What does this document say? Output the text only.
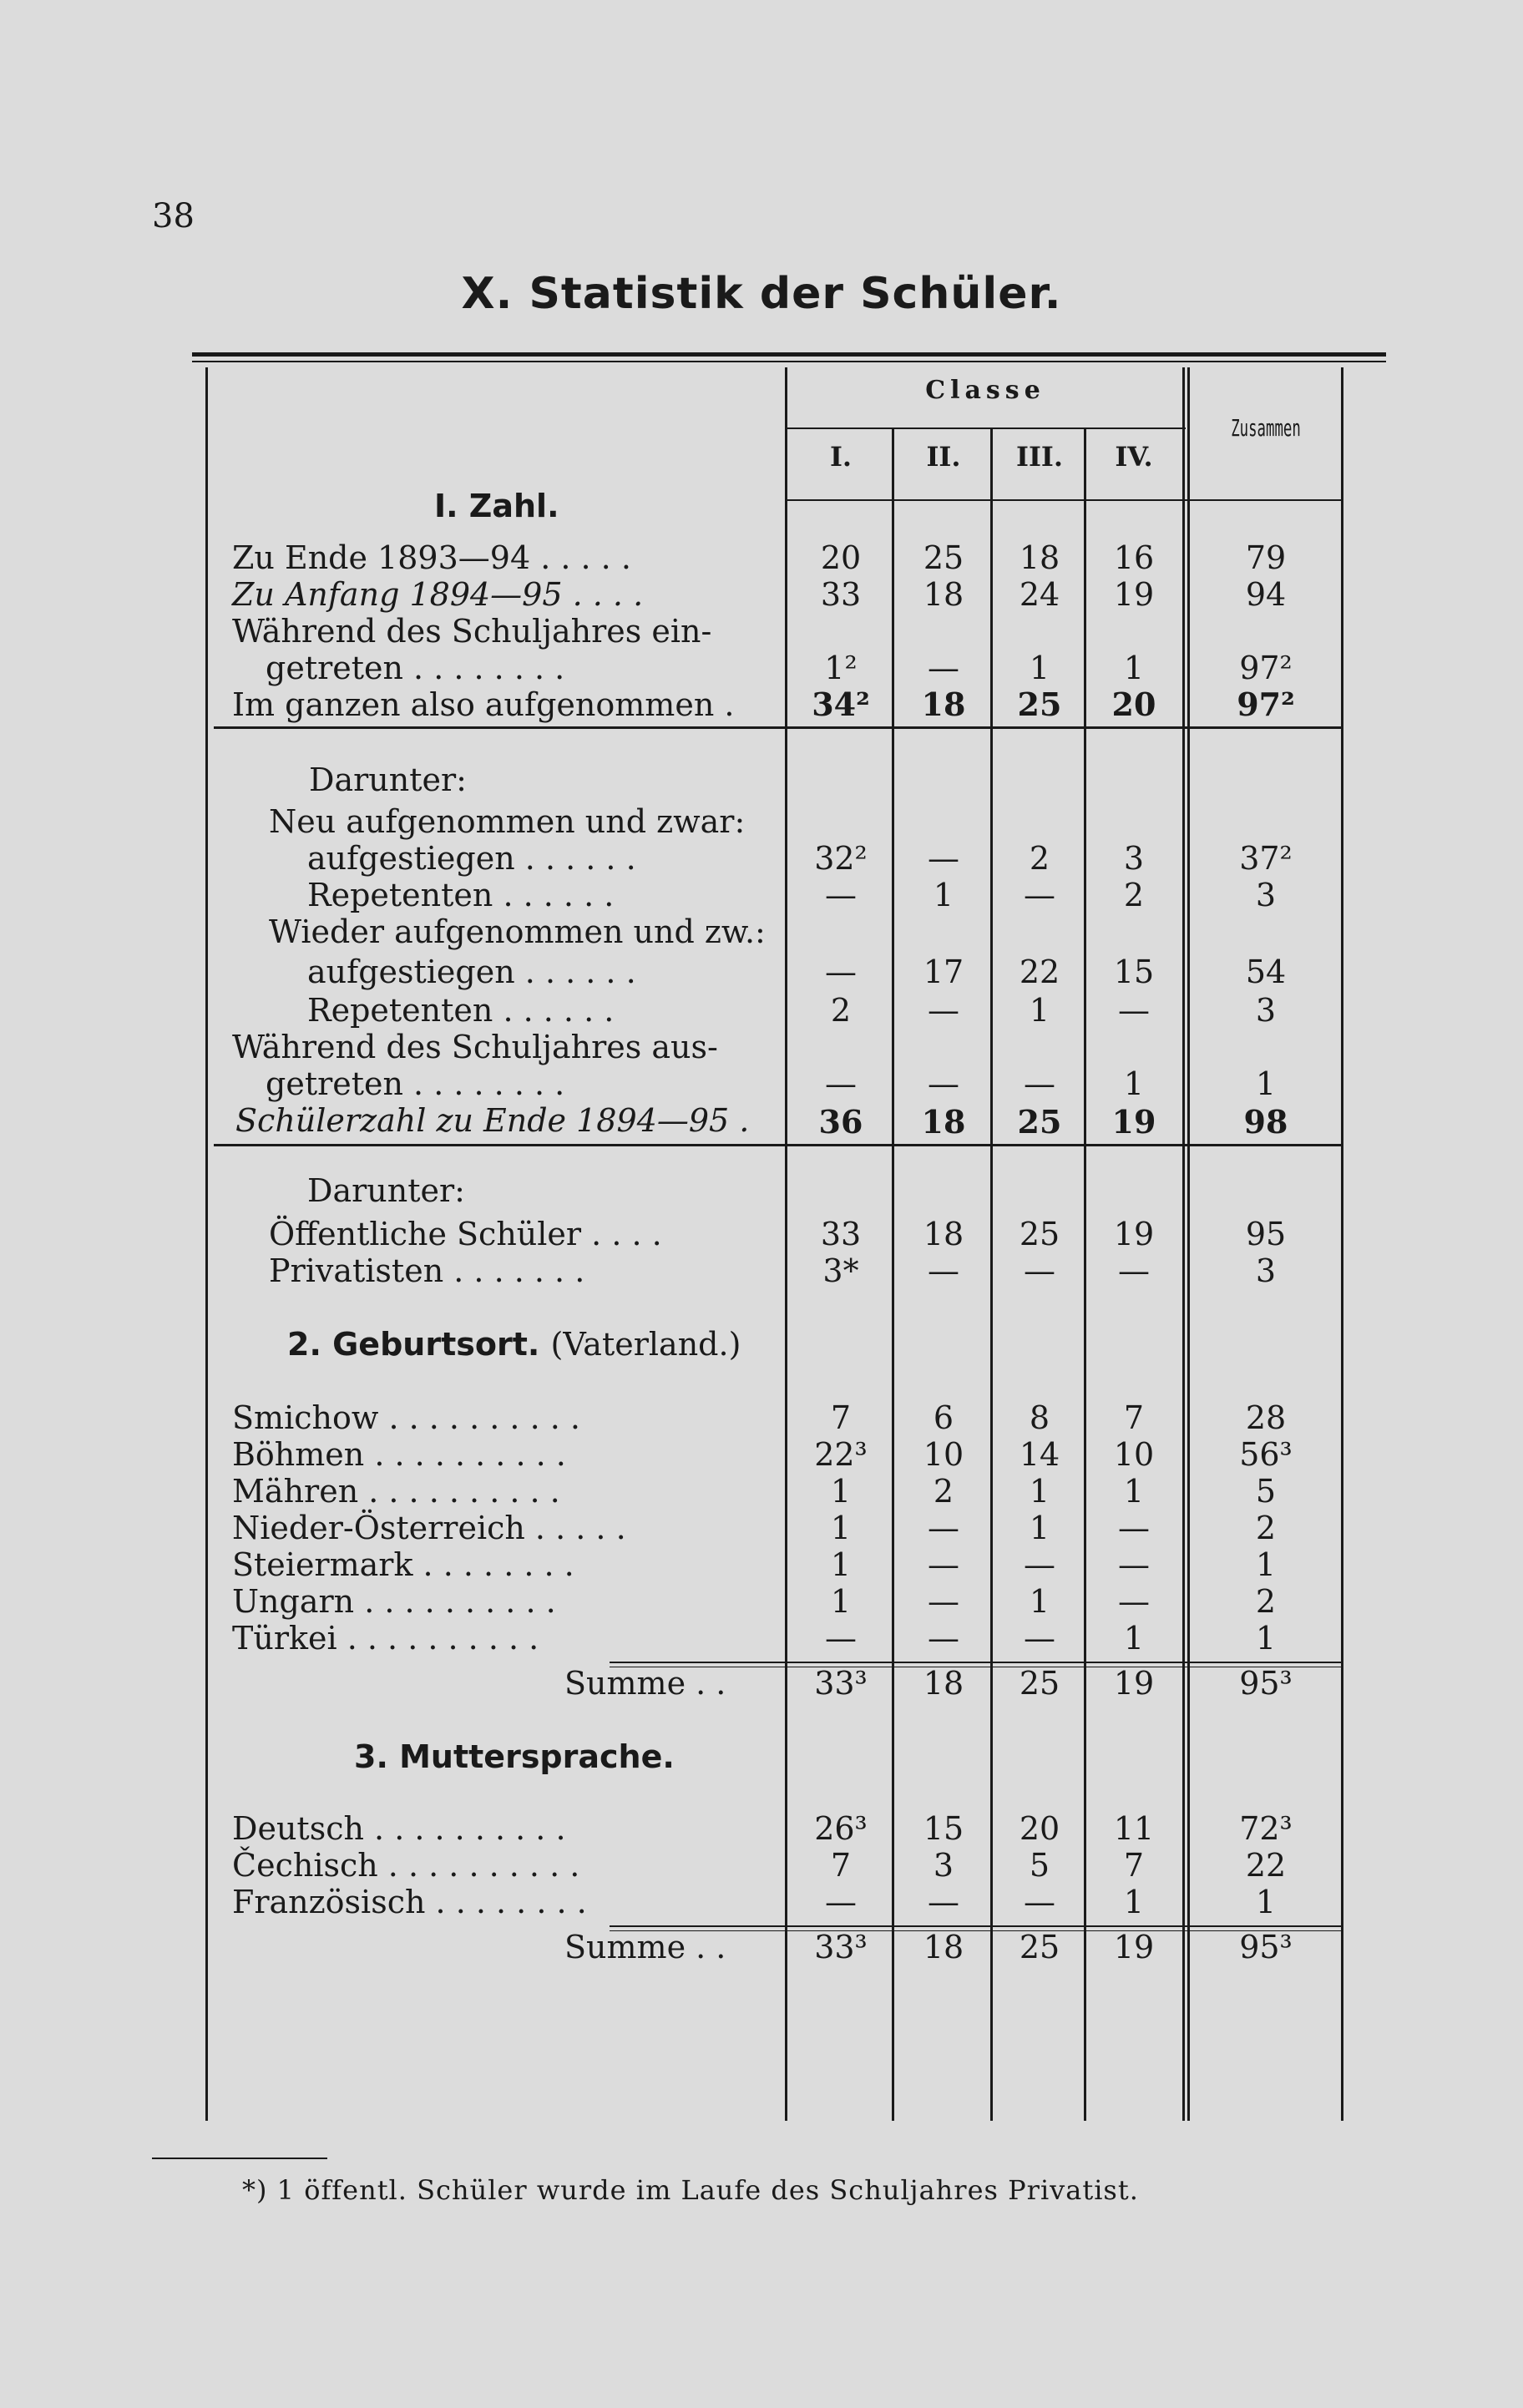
38
X. Statistik der Schüler.
Classe
Zusammen
I.	II.	III.	IV.
I. Zahl.
Zu Ende 1893—94 . . . . .	20	25	18	16	79
Zu Anfang 1894—95 . . . .	33	18	24	19	94
Während des Schuljahres ein-
getreten . . . . . . . .	1²	—	1	1	97²
Im ganzen also aufgenommen .	34²	18	25	20	97²
Darunter:
Neu aufgenommen und zwar:
aufgestiegen . . . . . .	32²	—	2	3	37²
Repetenten . . . . . .	—	1	—	2	3
Wieder aufgenommen und zw.:
aufgestiegen . . . . . .	—	17	22	15	54
Repetenten . . . . . .	2	—	1	—	3
Während des Schuljahres aus-
getreten . . . . . . . .	—	—	—	1	1
Schülerzahl zu Ende 1894—95 .	36	18	25	19	98
Darunter:
Öffentliche Schüler . . . .	33	18	25	19	95
Privatisten . . . . . . .	3*	—	—	—	3
2. Geburtsort. (Vaterland.)
Smichow . . . . . . . . . .	7	6	8	7	28
Böhmen . . . . . . . . . .	22³	10	14	10	56³
Mähren . . . . . . . . . .	1	2	1	1	5
Nieder-Österreich . . . . .	1	—	1	—	2
Steiermark . . . . . . . .	1	—	—	—	1
Ungarn . . . . . . . . . .	1	—	1	—	2
Türkei . . . . . . . . . .	—	—	—	1	1
Summe . .	33³	18	25	19	95³
3. Muttersprache.
Deutsch . . . . . . . . . .	26³	15	20	11	72³
Čechisch . . . . . . . . . .	7	3	5	7	22
Französisch . . . . . . . .	—	—	—	1	1
Summe . .	33³	18	25	19	95³
*) 1 öffentl. Schüler wurde im Laufe des Schuljahres Privatist.
